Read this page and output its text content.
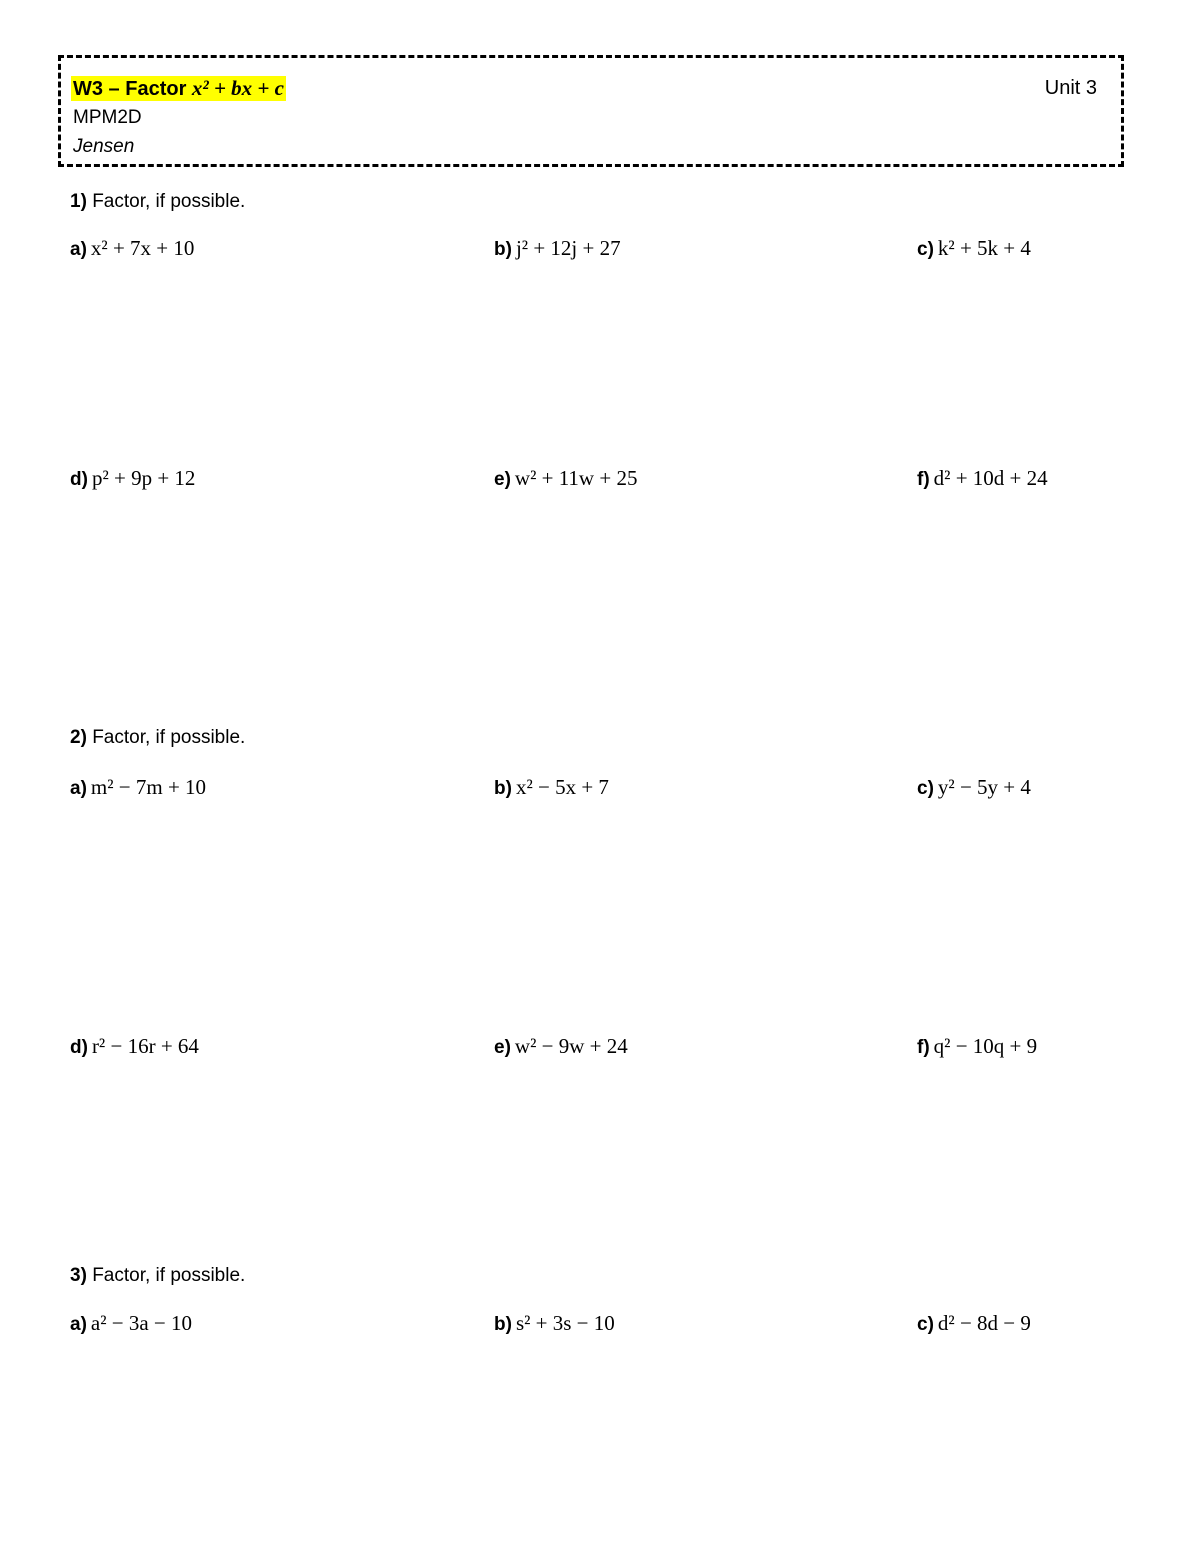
W3 – Factor x² + bx + c	Unit 3
MPM2D
Jensen
1) Factor, if possible.
a) x² + 7x + 10	b) j² + 12j + 27	c) k² + 5k + 4
d) p² + 9p + 12	e) w² + 11w + 25	f) d² + 10d + 24
2) Factor, if possible.
a) m² − 7m + 10	b) x² − 5x + 7	c) y² − 5y + 4
d) r² − 16r + 64	e) w² − 9w + 24	f) q² − 10q + 9
3) Factor, if possible.
a) a² − 3a − 10	b) s² + 3s − 10	c) d² − 8d − 9
